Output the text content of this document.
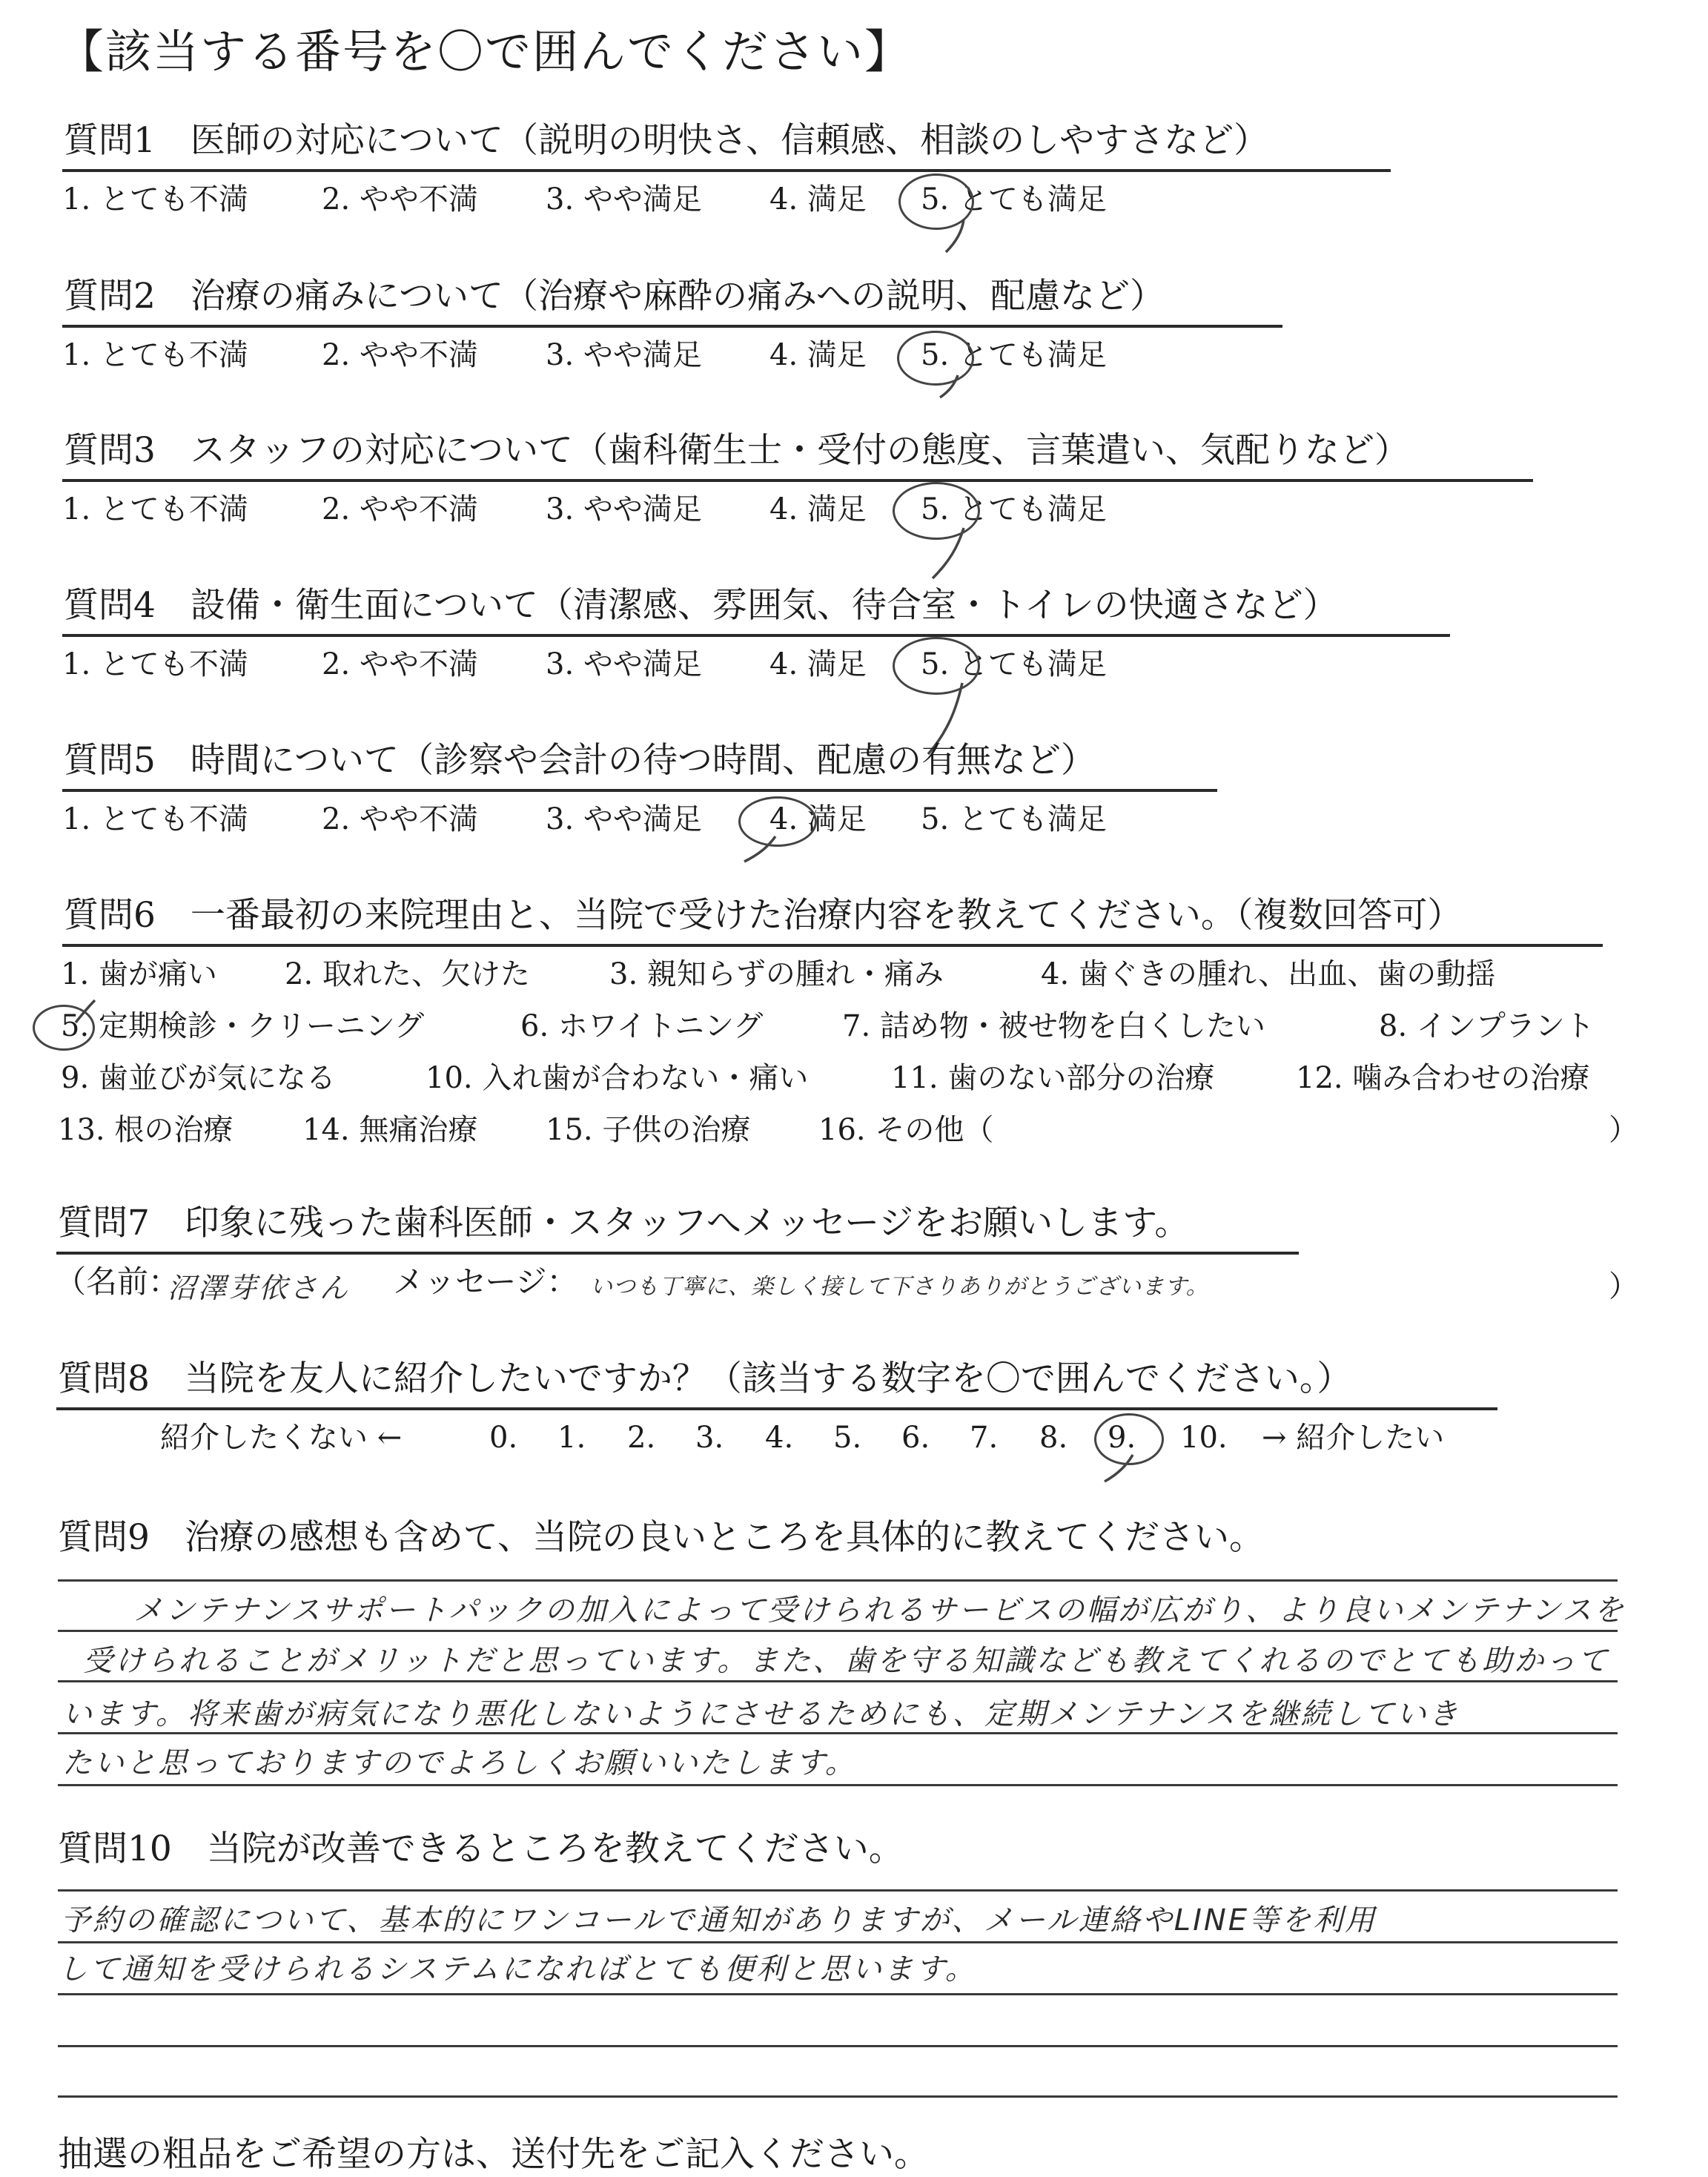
【該当する番号を〇で囲んでください】
質問1　医師の対応について（説明の明快さ、信頼感、相談のしやすさなど）
1. とても不満 2. やや不満 3. やや満足 4. 満足 5. とても満足
質問2　治療の痛みについて（治療や麻酔の痛みへの説明、配慮など）
1. とても不満 2. やや不満 3. やや満足 4. 満足 5. とても満足
質問3　スタッフの対応について（歯科衛生士・受付の態度、言葉遣い、気配りなど）
1. とても不満 2. やや不満 3. やや満足 4. 満足 5. とても満足
質問4　設備・衛生面について（清潔感、雰囲気、待合室・トイレの快適さなど）
1. とても不満 2. やや不満 3. やや満足 4. 満足 5. とても満足
質問5　時間について（診察や会計の待つ時間、配慮の有無など）
1. とても不満 2. やや不満 3. やや満足 4. 満足 5. とても満足
質問6　一番最初の来院理由と、当院で受けた治療内容を教えてください。（複数回答可）
1. 歯が痛い 2. 取れた、欠けた	3. 親知らずの腫れ・痛み	4. 歯ぐきの腫れ、出血、歯の動揺
5. 定期検診・クリーニング	6. ホワイトニング	7. 詰め物・被せ物を白くしたい	8. インプラント
9. 歯並びが気になる	10. 入れ歯が合わない・痛い	11. 歯のない部分の治療	12. 噛み合わせの治療
13. 根の治療 14. 無痛治療 15. 子供の治療 16. その他（	）
質問7　印象に残った歯科医師・スタッフへメッセージをお願いします。
（名前：
沼澤芽依さん メッセージ： いつも丁寧に、楽しく接して下さりありがとうございます。	）
質問8　当院を友人に紹介したいですか？（該当する数字を〇で囲んでください。）
紹介したくない ←	0. 1. 2. 3. 4. 5. 6. 7. 8. 9. 10. → 紹介したい
質問9　治療の感想も含めて、当院の良いところを具体的に教えてください。
メンテナンスサポートパックの加入によって受けられるサービスの幅が広がり、より良いメンテナンスを
受けられることがメリットだと思っています。また、歯を守る知識なども教えてくれるのでとても助かって
います。将来歯が病気になり悪化しないようにさせるためにも、定期メンテナンスを継続していき
たいと思っておりますのでよろしくお願いいたします。
質問10　当院が改善できるところを教えてください。
予約の確認について、基本的にワンコールで通知がありますが、メール連絡やLINE等を利用
して通知を受けられるシステムになればとても便利と思います。
抽選の粗品をご希望の方は、送付先をご記入ください。
